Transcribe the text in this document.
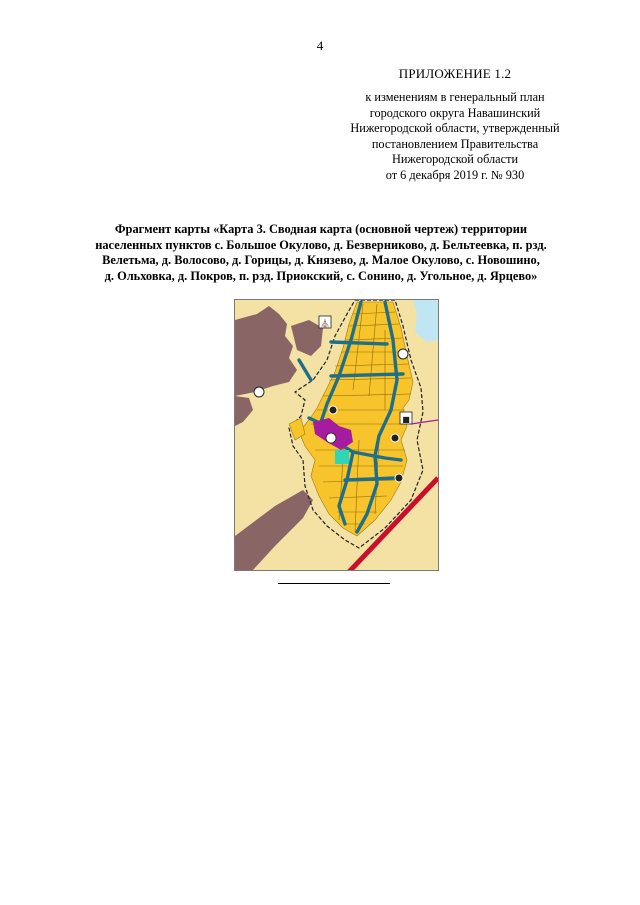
4
ПРИЛОЖЕНИЕ 1.2
к изменениям в генеральный план
городского округа Навашинский
Нижегородской области, утвержденный
постановлением Правительства
Нижегородской области
от 6 декабря 2019 г. № 930
Фрагмент карты «Карта 3. Сводная карта (основной чертеж) территории
населенных пунктов с. Большое Окулово, д. Безверниково, д. Бельтеевка, п. рзд.
Велетьма, д. Волосово, д. Горицы, д. Князево, д. Малое Окулово, с. Новошино,
д. Ольховка, д. Покров, п. рзд. Приокский, с. Сонино, д. Угольное, д. Ярцево»
⛪
■
